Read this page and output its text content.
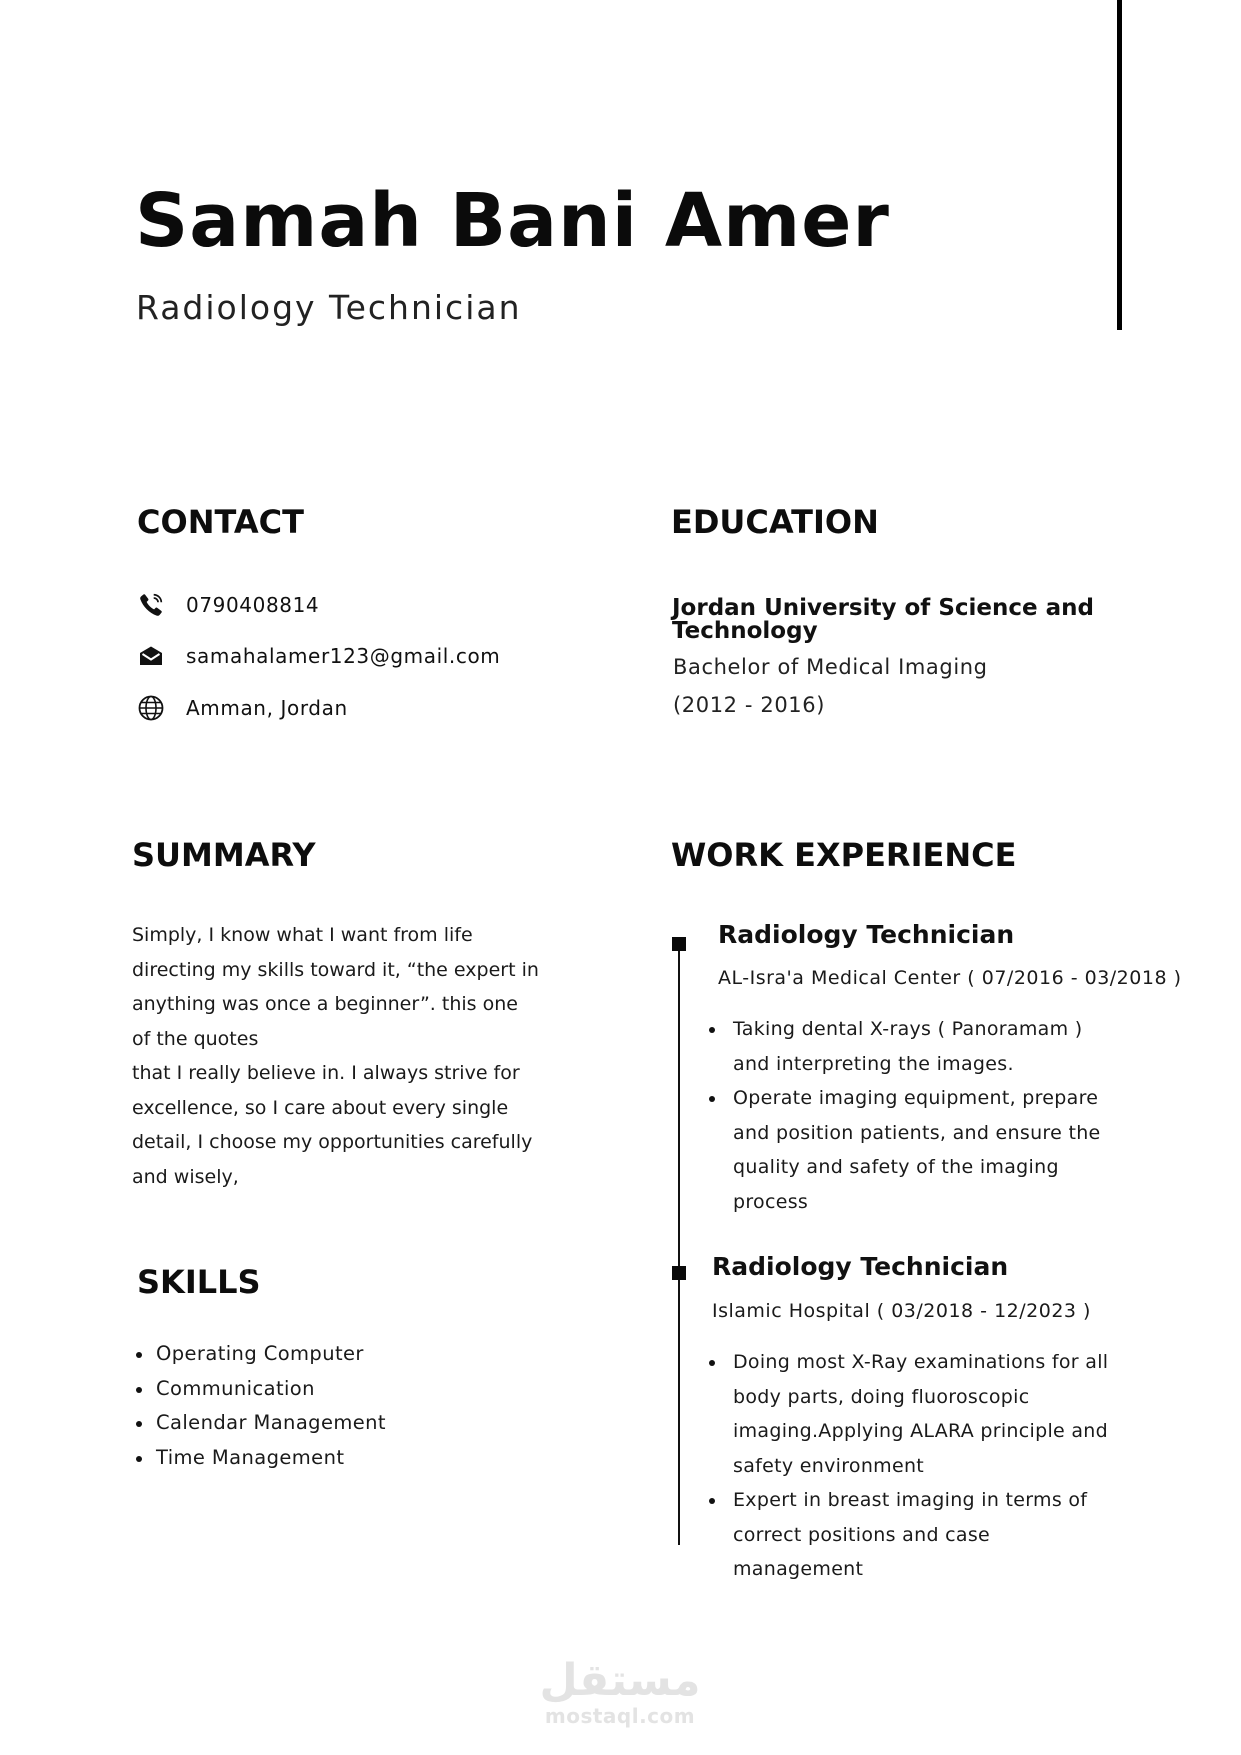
Samah Bani Amer
Radiology Technician
CONTACT
0790408814
samahalamer123@gmail.com
Amman, Jordan
EDUCATION
Jordan University of Science and Technology
Bachelor of Medical Imaging
(2012 - 2016)
SUMMARY
Simply, I know what I want from life directing my skills toward it, “the expert in anything was once a beginner”. this one of the quotes
that I really believe in. I always strive for excellence, so I care about every single detail, I choose my opportunities carefully and wisely,
SKILLS
Operating Computer
Communication
Calendar Management
Time Management
WORK EXPERIENCE
Radiology Technician
AL-Isra'a Medical Center ( 07/2016 - 03/2018 )
Taking dental X-rays ( Panoramam ) and interpreting the images.
Operate imaging equipment, prepare and position patients, and ensure the quality and safety of the imaging process
Radiology Technician
Islamic Hospital ( 03/2018 - 12/2023 )
Doing most X-Ray examinations for all body parts, doing fluoroscopic imaging.Applying ALARA principle and safety environment
Expert in breast imaging in terms of correct positions and case management
مستقل
mostaql.com
